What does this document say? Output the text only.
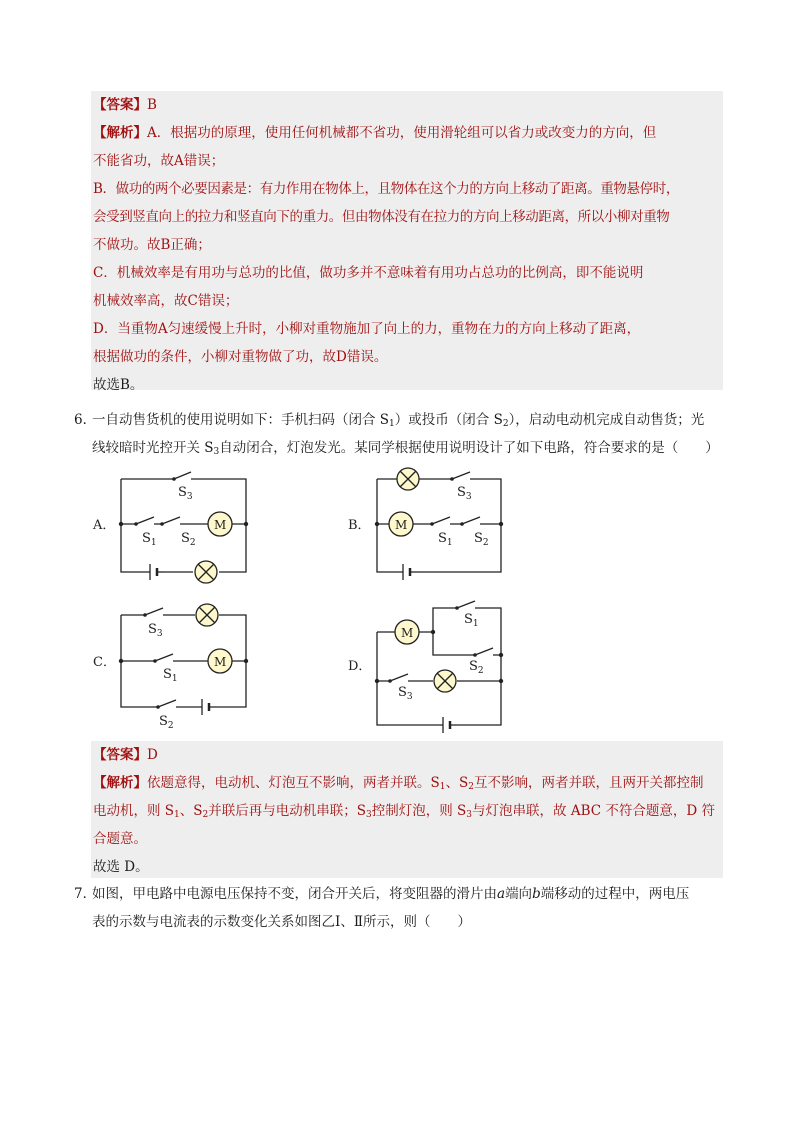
【答案】B
【解析】A．根据功的原理，使用任何机械都不省功，使用滑轮组可以省力或改变力的方向，但
不能省功，故A错误；
B．做功的两个必要因素是：有力作用在物体上，且物体在这个力的方向上移动了距离。重物悬停时，
会受到竖直向上的拉力和竖直向下的重力。但由物体没有在拉力的方向上移动距离，所以小柳对重物
不做功。故B正确；
C．机械效率是有用功与总功的比值，做功多并不意味着有用功占总功的比例高，即不能说明
机械效率高，故C错误；
D．当重物A匀速缓慢上升时，小柳对重物施加了向上的力，重物在力的方向上移动了距离，
根据做功的条件，小柳对重物做了功，故D错误。
故选B。
6．一自动售货机的使用说明如下：手机扫码（闭合 $S_1$）或投币（闭合 $S_2$），启动电动机完成自动售货；光
线较暗时光控开关 $S_3$自动闭合，灯泡发光。某同学根据使用说明设计了如下电路，符合要求的是（　　）
A．	B．
C．	D．
M	M
M
M
$S_3$
$S_1$ $S_2$
$S_3$
$S_1$ $S_2$
$S_3$
$S_1$
$S_2$
$S_1$
$S_2$
$S_3$
【答案】D
【解析】依题意得，电动机、灯泡互不影响，两者并联。$S_1$、$S_2$互不影响，两者并联，且两开关都控制
电动机，则 $S_1$、$S_2$并联后再与电动机串联；$S_3$控制灯泡，则 $S_3$与灯泡串联，故 ABC 不符合题意，D 符
合题意。
故选 D。
7．如图，甲电路中电源电压保持不变，闭合开关后，将变阻器的滑片由a端向b端移动的过程中，两电压
表的示数与电流表的示数变化关系如图乙Ⅰ、Ⅱ所示，则（　　）
